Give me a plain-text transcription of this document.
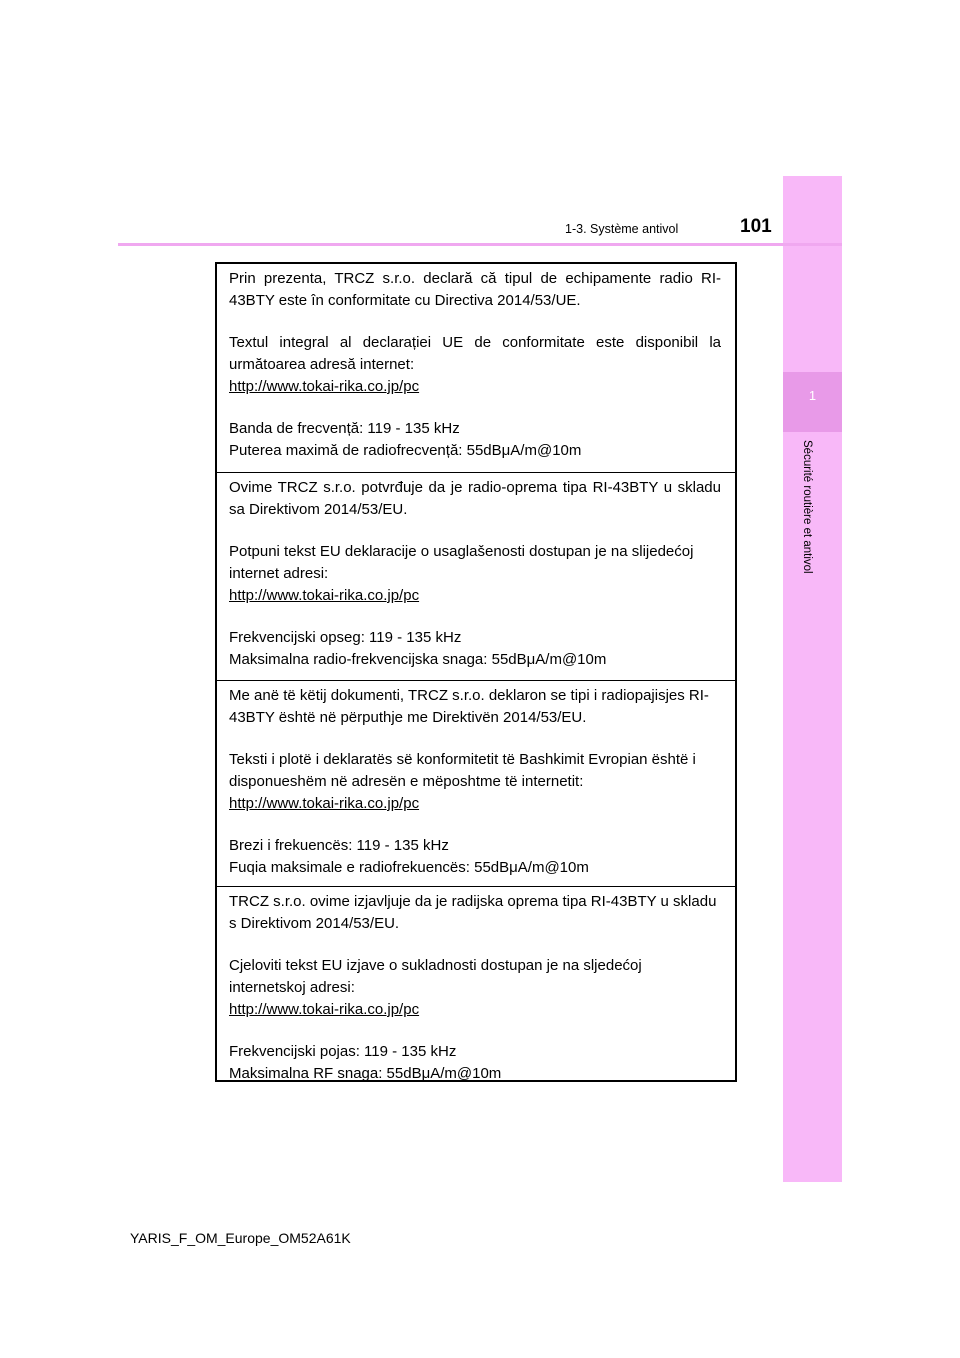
1
Sécurité routière et antivol
1-3. Système antivol	101

Prin prezenta, TRCZ s.r.o. declară că tipul de echipamente radio RI-43BTY este în conformitate cu Directiva 2014/53/UE.

Textul integral al declarației UE de conformitate este disponibil la următoarea adresă internet:
http://www.tokai-rika.co.jp/pc

Banda de frecvență: 119 - 135 kHz
Puterea maximă de radiofrecvență: 55dBμA/m@10m

Ovime TRCZ s.r.o. potvrđuje da je radio-oprema tipa RI-43BTY u skladu sa Direktivom 2014/53/EU.

Potpuni tekst EU deklaracije o usaglašenosti dostupan je na slijedećoj internet adresi:
http://www.tokai-rika.co.jp/pc

Frekvencijski opseg: 119 - 135 kHz
Maksimalna radio-frekvencijska snaga: 55dBμA/m@10m

Me anë të këtij dokumenti, TRCZ s.r.o. deklaron se tipi i radiopajisjes RI-43BTY është në përputhje me Direktivën 2014/53/EU.

Teksti i plotë i deklaratës së konformitetit të Bashkimit Evropian është i disponueshëm në adresën e mëposhtme të internetit:
http://www.tokai-rika.co.jp/pc

Brezi i frekuencës: 119 - 135 kHz
Fuqia maksimale e radiofrekuencës: 55dBμA/m@10m

TRCZ s.r.o. ovime izjavljuje da je radijska oprema tipa RI-43BTY u skladu s Direktivom 2014/53/EU.

Cjeloviti tekst EU izjave o sukladnosti dostupan je na sljedećoj internetskoj adresi:
http://www.tokai-rika.co.jp/pc

Frekvencijski pojas: 119 - 135 kHz
Maksimalna RF snaga: 55dBμA/m@10m

YARIS_F_OM_Europe_OM52A61K
